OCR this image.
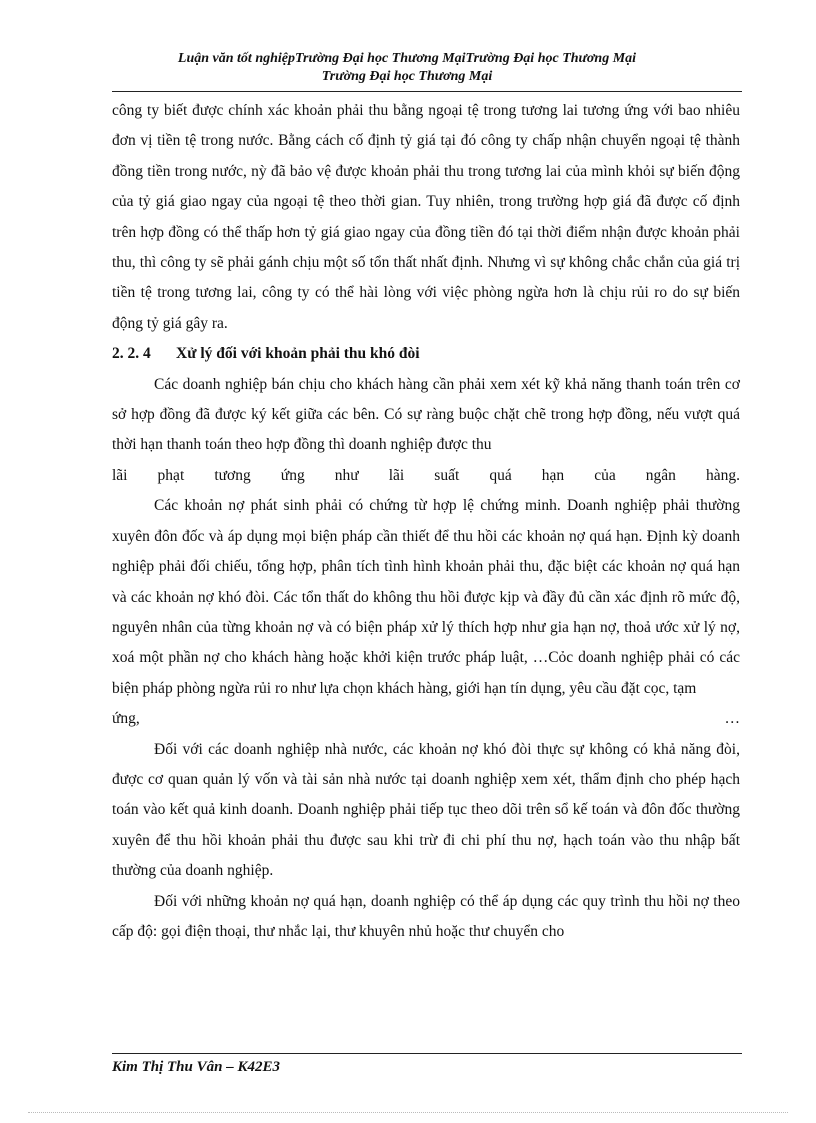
Luận văn tốt nghiệpTrường Đại học Thương MạiTrường Đại học Thương Mại
Trường Đại học Thương Mại

công ty biết được chính xác khoản phải thu bằng ngoại tệ trong tương lai tương ứng với bao nhiêu đơn vị tiền tệ trong nước. Bằng cách cố định tỷ giá tại đó công ty chấp nhận chuyển ngoại tệ thành đồng tiền trong nước, nỳ đã bảo vệ được khoản phải thu trong tương lai của mình khỏi sự biến động của tỷ giá giao ngay của ngoại tệ theo thời gian. Tuy nhiên, trong trường hợp giá đã được cố định trên hợp đồng có thể thấp hơn tỷ giá giao ngay của đồng tiền đó tại thời điểm nhận được khoản phải thu, thì công ty sẽ phải gánh chịu một số tổn thất nhất định. Nhưng vì sự không chắc chắn của giá trị tiền tệ trong tương lai, công ty có thể hài lòng với việc phòng ngừa hơn là chịu rủi ro do sự biến động tỷ giá gây ra.

2. 2. 4 Xử lý đối với khoản phải thu khó đòi

Các doanh nghiệp bán chịu cho khách hàng cần phải xem xét kỹ khả năng thanh toán trên cơ sở hợp đồng đã được ký kết giữa các bên. Có sự ràng buộc chặt chẽ trong hợp đồng, nếu vượt quá thời hạn thanh toán theo hợp đồng thì doanh nghiệp được thu

lãi phạt tương ứng như lãi suất quá hạn của ngân hàng.

Các khoản nợ phát sinh phải có chứng từ hợp lệ chứng minh. Doanh nghiệp phải thường xuyên đôn đốc và áp dụng mọi biện pháp cần thiết để thu hồi các khoản nợ quá hạn. Định kỳ doanh nghiệp phải đối chiếu, tổng hợp, phân tích tình hình khoản phải thu, đặc biệt các khoản nợ quá hạn và các khoản nợ khó đòi. Các tổn thất do không thu hồi được kịp và đầy đủ cần xác định rõ mức độ, nguyên nhân của từng khoản nợ và có biện pháp xử lý thích hợp như gia hạn nợ, thoả ước xử lý nợ, xoá một phần nợ cho khách hàng hoặc khởi kiện trước pháp luật, …Cỏc doanh nghiệp phải có các biện pháp phòng ngừa rủi ro như lựa chọn khách hàng, giới hạn tín dụng, yêu cầu đặt cọc, tạm

ứng, …

Đối với các doanh nghiệp nhà nước, các khoản nợ khó đòi thực sự không có khả năng đòi, được cơ quan quản lý vốn và tài sản nhà nước tại doanh nghiệp xem xét, thẩm định cho phép hạch toán vào kết quả kinh doanh. Doanh nghiệp phải tiếp tục theo dõi trên sổ kế toán và đôn đốc thường xuyên để thu hồi khoản phải thu được sau khi trừ đi chi phí thu nợ, hạch toán vào thu nhập bất thường của doanh nghiệp.

Đối với những khoản nợ quá hạn, doanh nghiệp có thể áp dụng các quy trình thu hồi nợ theo cấp độ: gọi điện thoại, thư nhắc lại, thư khuyên nhủ hoặc thư chuyển cho

Kim Thị Thu Vân – K42E3
